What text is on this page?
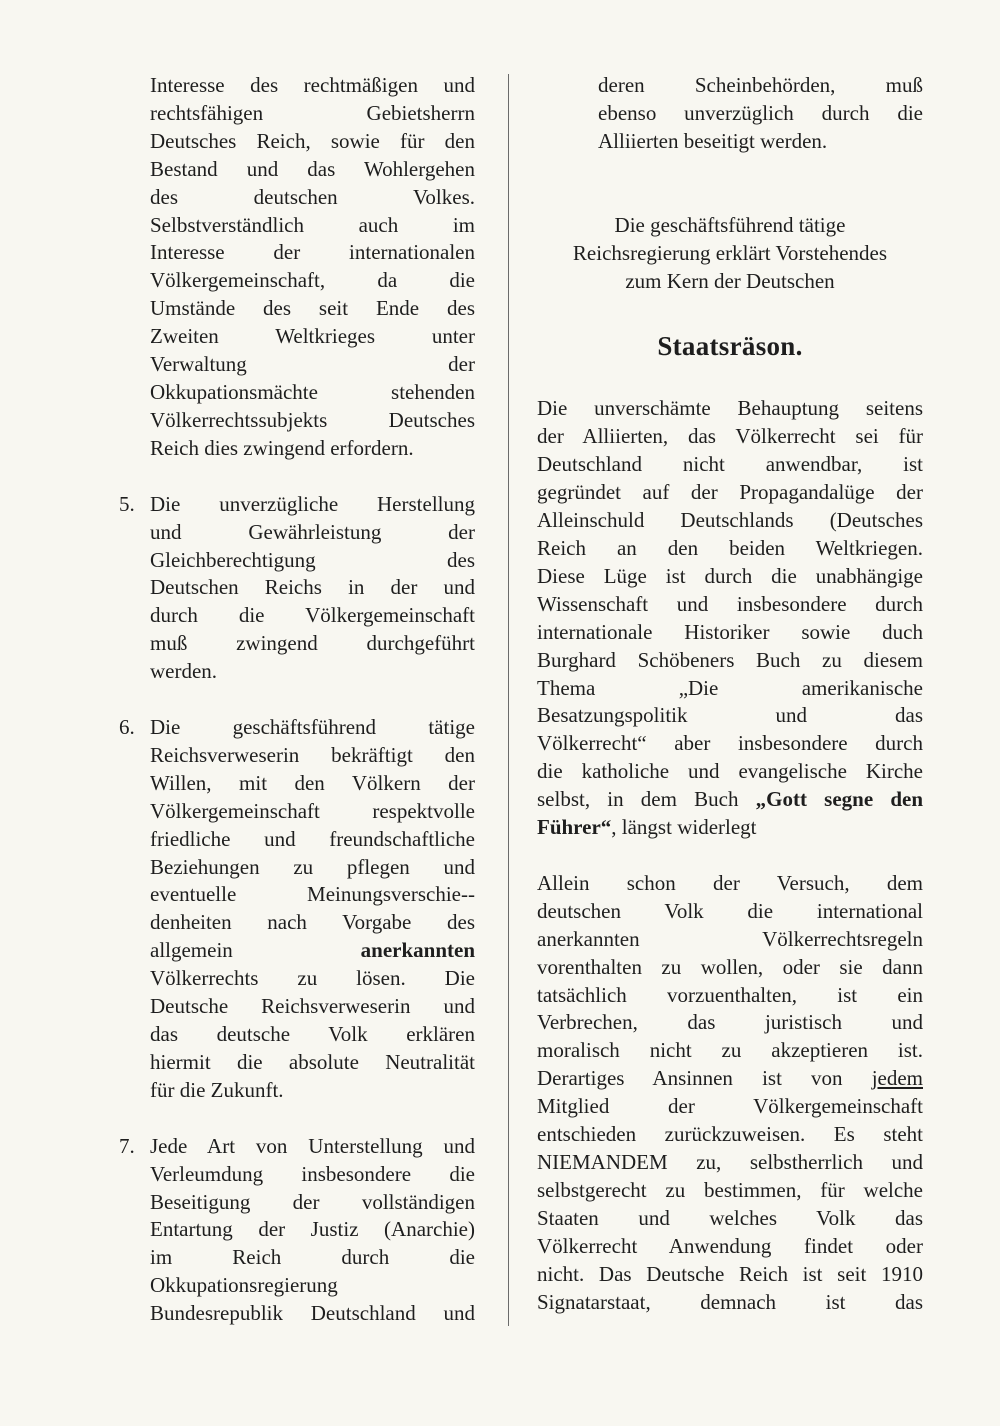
Interesse des rechtmäßigen und
rechtsfähigen Gebietsherrn
Deutsches Reich, sowie für den
Bestand und das Wohlergehen
des deutschen Volkes.
Selbstverständlich auch im
Interesse der internationalen
Völkergemeinschaft, da die
Umstände des seit Ende des
Zweiten Weltkrieges unter
Verwaltung der
Okkupationsmächte stehenden
Völkerrechtssubjekts Deutsches
Reich dies zwingend erfordern.
5. Die unverzügliche Herstellung
und Gewährleistung der
Gleichberechtigung des
Deutschen Reichs in der und
durch die Völkergemeinschaft
muß zwingend durchgeführt
werden.
6. Die geschäftsführend tätige
Reichsverweserin bekräftigt den
Willen, mit den Völkern der
Völkergemeinschaft respektvolle
friedliche und freundschaftliche
Beziehungen zu pflegen und
eventuelle Meinungsverschie--
denheiten nach Vorgabe des
allgemein	anerkannten
Völkerrechts zu lösen. Die
Deutsche Reichsverweserin und
das deutsche Volk erklären
hiermit die absolute Neutralität
für die Zukunft.
7. Jede Art von Unterstellung und
Verleumdung insbesondere die
Beseitigung der vollständigen
Entartung der Justiz (Anarchie)
im Reich durch die
Okkupationsregierung
Bundesrepublik Deutschland und
deren Scheinbehörden, muß
ebenso unverzüglich durch die
Alliierten beseitigt werden.
Die geschäftsführend tätige
Reichsregierung erklärt Vorstehendes
zum Kern der Deutschen
Staatsräson.
Die unverschämte Behauptung seitens
der Alliierten, das Völkerrecht sei für
Deutschland nicht anwendbar, ist
gegründet auf der Propagandalüge der
Alleinschuld Deutschlands (Deutsches
Reich an den beiden Weltkriegen.
Diese Lüge ist durch die unabhängige
Wissenschaft und insbesondere durch
internationale Historiker sowie duch
Burghard Schöbeners Buch zu diesem
Thema „Die amerikanische
Besatzungspolitik und das
Völkerrecht“ aber insbesondere durch
die katholiche und evangelische Kirche
selbst, in dem Buch „Gott segne den
Führer“, längst widerlegt
Allein schon der Versuch, dem
deutschen Volk die international
anerkannten Völkerrechtsregeln
vorenthalten zu wollen, oder sie dann
tatsächlich vorzuenthalten, ist ein
Verbrechen, das juristisch und
moralisch nicht zu akzeptieren ist.
Derartiges Ansinnen ist von jedem
Mitglied der Völkergemeinschaft
entschieden zurückzuweisen. Es steht
NIEMANDEM zu, selbstherrlich und
selbstgerecht zu bestimmen, für welche
Staaten und welches Volk das
Völkerrecht Anwendung findet oder
nicht. Das Deutsche Reich ist seit 1910
Signatarstaat, demnach ist das
